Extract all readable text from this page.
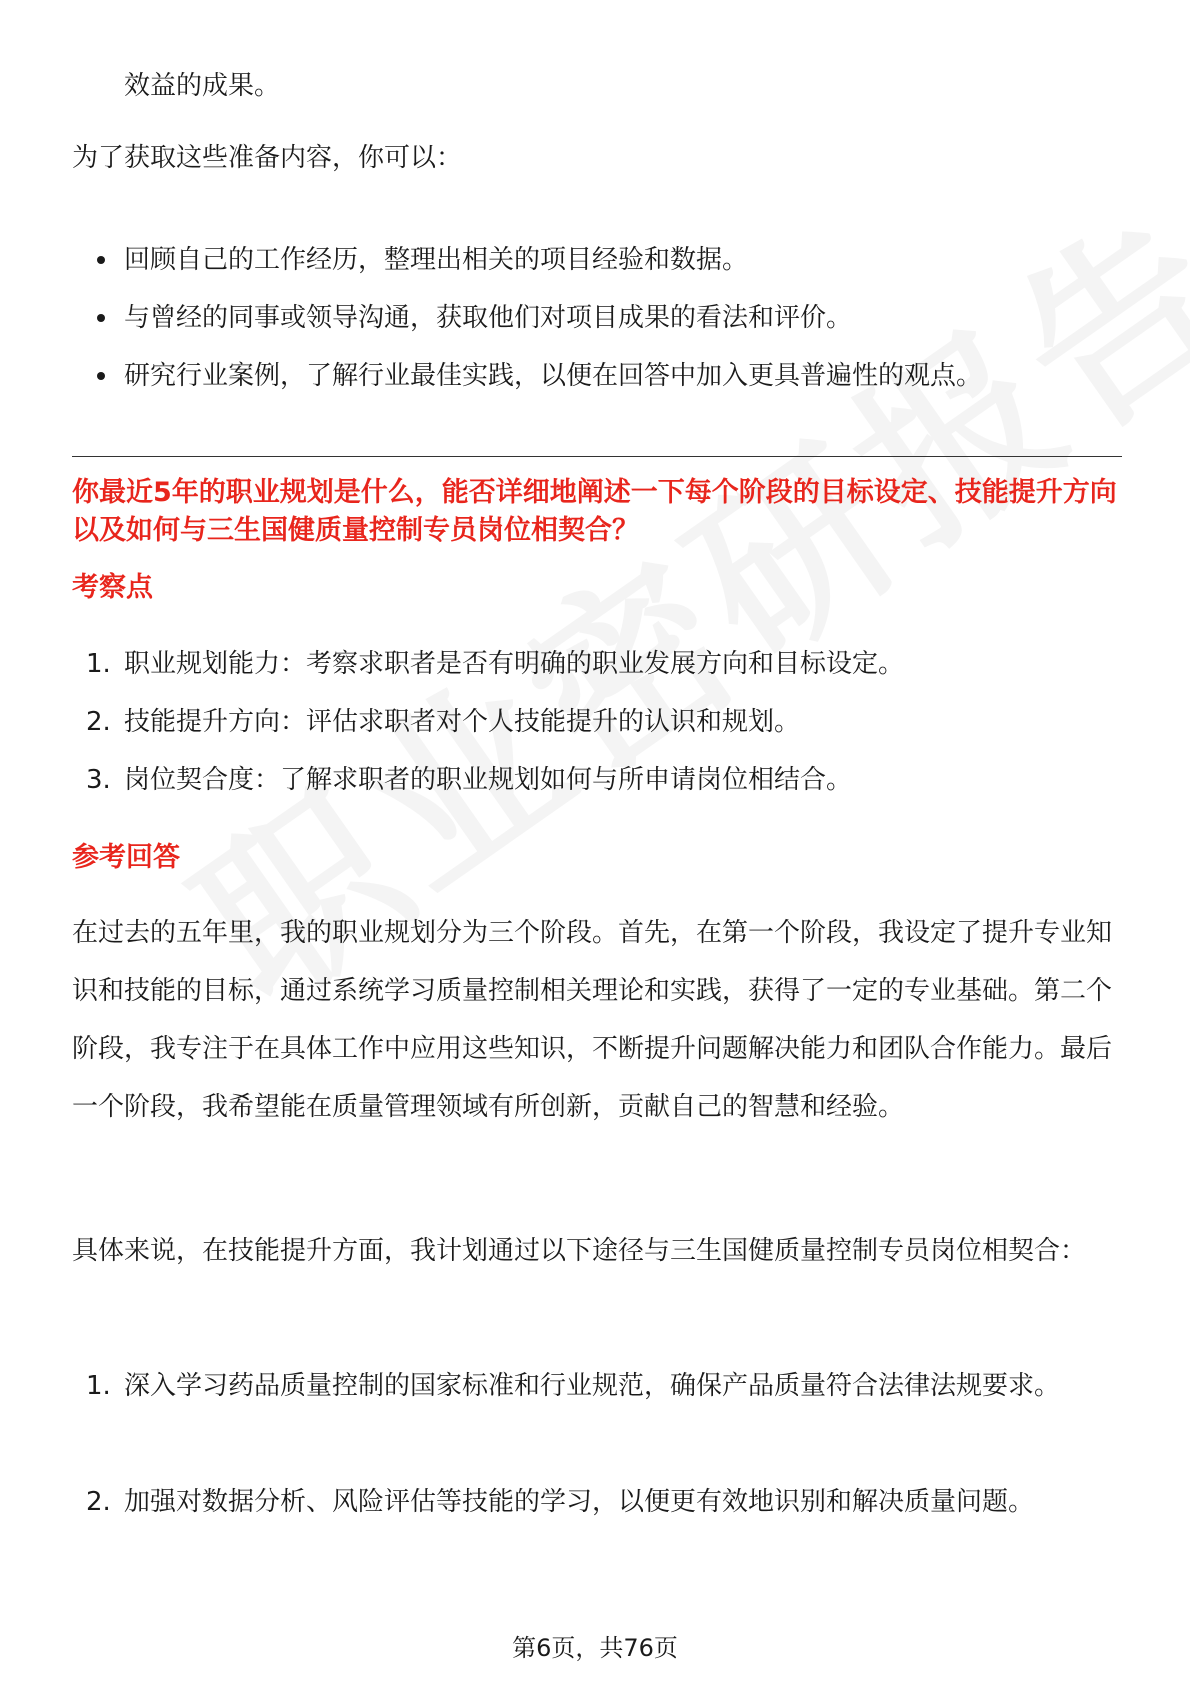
效益的成果。
为了获取这些准备内容，你可以：
回顾自己的工作经历，整理出相关的项目经验和数据。
与曾经的同事或领导沟通，获取他们对项目成果的看法和评价。
研究行业案例，了解行业最佳实践，以便在回答中加入更具普遍性的观点。
你最近5年的职业规划是什么，能否详细地阐述一下每个阶段的目标设定、技能提升方向以及如何与三生国健质量控制专员岗位相契合？
考察点
1. 职业规划能力：考察求职者是否有明确的职业发展方向和目标设定。
2. 技能提升方向：评估求职者对个人技能提升的认识和规划。
3. 岗位契合度：了解求职者的职业规划如何与所申请岗位相结合。
参考回答
在过去的五年里，我的职业规划分为三个阶段。首先，在第一个阶段，我设定了提升专业知识和技能的目标，通过系统学习质量控制相关理论和实践，获得了一定的专业基础。第二个阶段，我专注于在具体工作中应用这些知识，不断提升问题解决能力和团队合作能力。最后一个阶段，我希望能在质量管理领域有所创新，贡献自己的智慧和经验。
具体来说，在技能提升方面，我计划通过以下途径与三生国健质量控制专员岗位相契合：
1. 深入学习药品质量控制的国家标准和行业规范，确保产品质量符合法律法规要求。
2. 加强对数据分析、风险评估等技能的学习，以便更有效地识别和解决质量问题。
第6页，共76页
